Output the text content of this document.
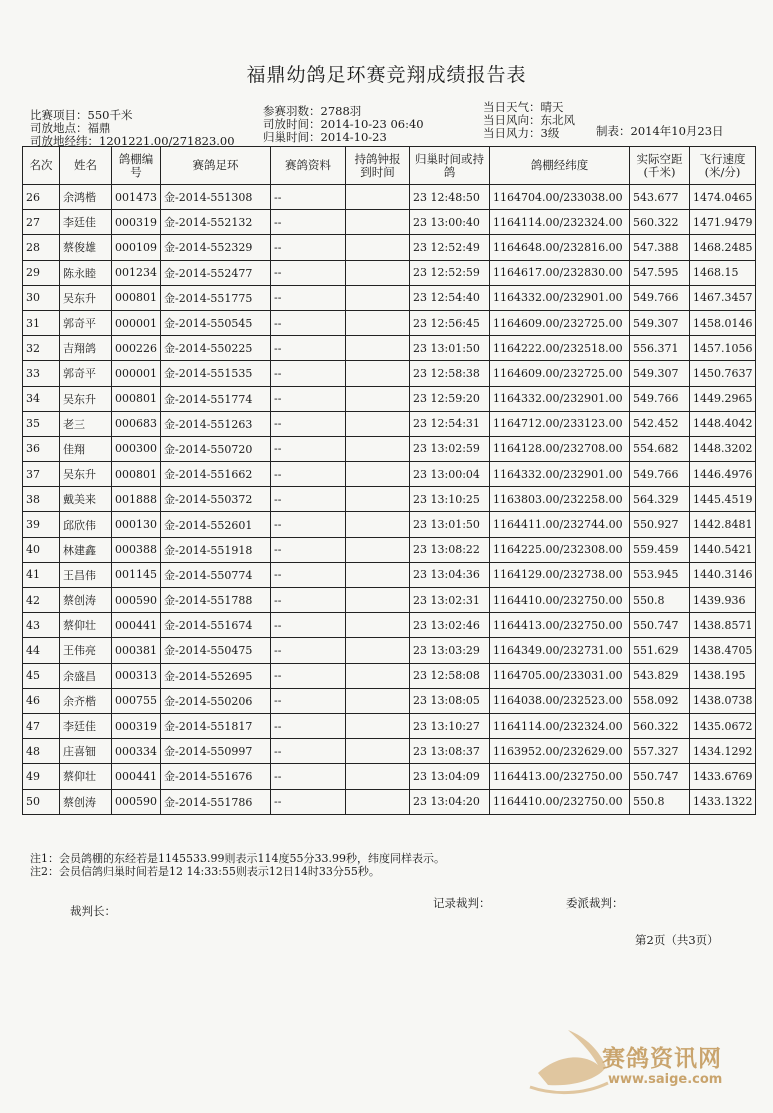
福鼎幼鸽足环赛竞翔成绩报告表
比赛项目：550千米
司放地点：福鼎
司放地经纬：1201221.00/271823.00
参赛羽数：2788羽
司放时间：2014-10-23 06:40
归巢时间：2014-10-23
当日天气：晴天
当日风向：东北风
当日风力：3级	制表：2014年10月23日
名次	姓名	鸽棚编号	赛鸽足环	赛鸽资料	持鸽钟报到时间	归巢时间或持鸽	鸽棚经纬度	实际空距(千米)	飞行速度(米/分)
26	余鸿楷	001473	金-2014-551308	--		23 12:48:50	1164704.00/233038.00	543.677	1474.0465
27	李廷佳	000319	金-2014-552132	--		23 13:00:40	1164114.00/232324.00	560.322	1471.9479
28	蔡俊雄	000109	金-2014-552329	--		23 12:52:49	1164648.00/232816.00	547.388	1468.2485
29	陈永睦	001234	金-2014-552477	--		23 12:52:59	1164617.00/232830.00	547.595	1468.15
30	吴东升	000801	金-2014-551775	--		23 12:54:40	1164332.00/232901.00	549.766	1467.3457
31	郭奇平	000001	金-2014-550545	--		23 12:56:45	1164609.00/232725.00	549.307	1458.0146
32	吉翔鸽	000226	金-2014-550225	--		23 13:01:50	1164222.00/232518.00	556.371	1457.1056
33	郭奇平	000001	金-2014-551535	--		23 12:58:38	1164609.00/232725.00	549.307	1450.7637
34	吴东升	000801	金-2014-551774	--		23 12:59:20	1164332.00/232901.00	549.766	1449.2965
35	老三	000683	金-2014-551263	--		23 12:54:31	1164712.00/233123.00	542.452	1448.4042
36	佳翔	000300	金-2014-550720	--		23 13:02:59	1164128.00/232708.00	554.682	1448.3202
37	吴东升	000801	金-2014-551662	--		23 13:00:04	1164332.00/232901.00	549.766	1446.4976
38	戴美来	001888	金-2014-550372	--		23 13:10:25	1163803.00/232258.00	564.329	1445.4519
39	邱欣伟	000130	金-2014-552601	--		23 13:01:50	1164411.00/232744.00	550.927	1442.8481
40	林建鑫	000388	金-2014-551918	--		23 13:08:22	1164225.00/232308.00	559.459	1440.5421
41	王昌伟	001145	金-2014-550774	--		23 13:04:36	1164129.00/232738.00	553.945	1440.3146
42	蔡创涛	000590	金-2014-551788	--		23 13:02:31	1164410.00/232750.00	550.8	1439.936
43	蔡仰壮	000441	金-2014-551674	--		23 13:02:46	1164413.00/232750.00	550.747	1438.8571
44	王伟亮	000381	金-2014-550475	--		23 13:03:29	1164349.00/232731.00	551.629	1438.4705
45	余盛昌	000313	金-2014-552695	--		23 12:58:08	1164705.00/233031.00	543.829	1438.195
46	余齐楷	000755	金-2014-550206	--		23 13:08:05	1164038.00/232523.00	558.092	1438.0738
47	李廷佳	000319	金-2014-551817	--		23 13:10:27	1164114.00/232324.00	560.322	1435.0672
48	庄喜钿	000334	金-2014-550997	--		23 13:08:37	1163952.00/232629.00	557.327	1434.1292
49	蔡仰壮	000441	金-2014-551676	--		23 13:04:09	1164413.00/232750.00	550.747	1433.6769
50	蔡创涛	000590	金-2014-551786	--		23 13:04:20	1164410.00/232750.00	550.8	1433.1322
注1：会员鸽棚的东经若是1145533.99则表示114度55分33.99秒，纬度同样表示。
注2：会员信鸽归巢时间若是12 14:33:55则表示12日14时33分55秒。
裁判长：
记录裁判：	委派裁判：
第2页（共3页）
赛鸽资讯网
www.saige.com
